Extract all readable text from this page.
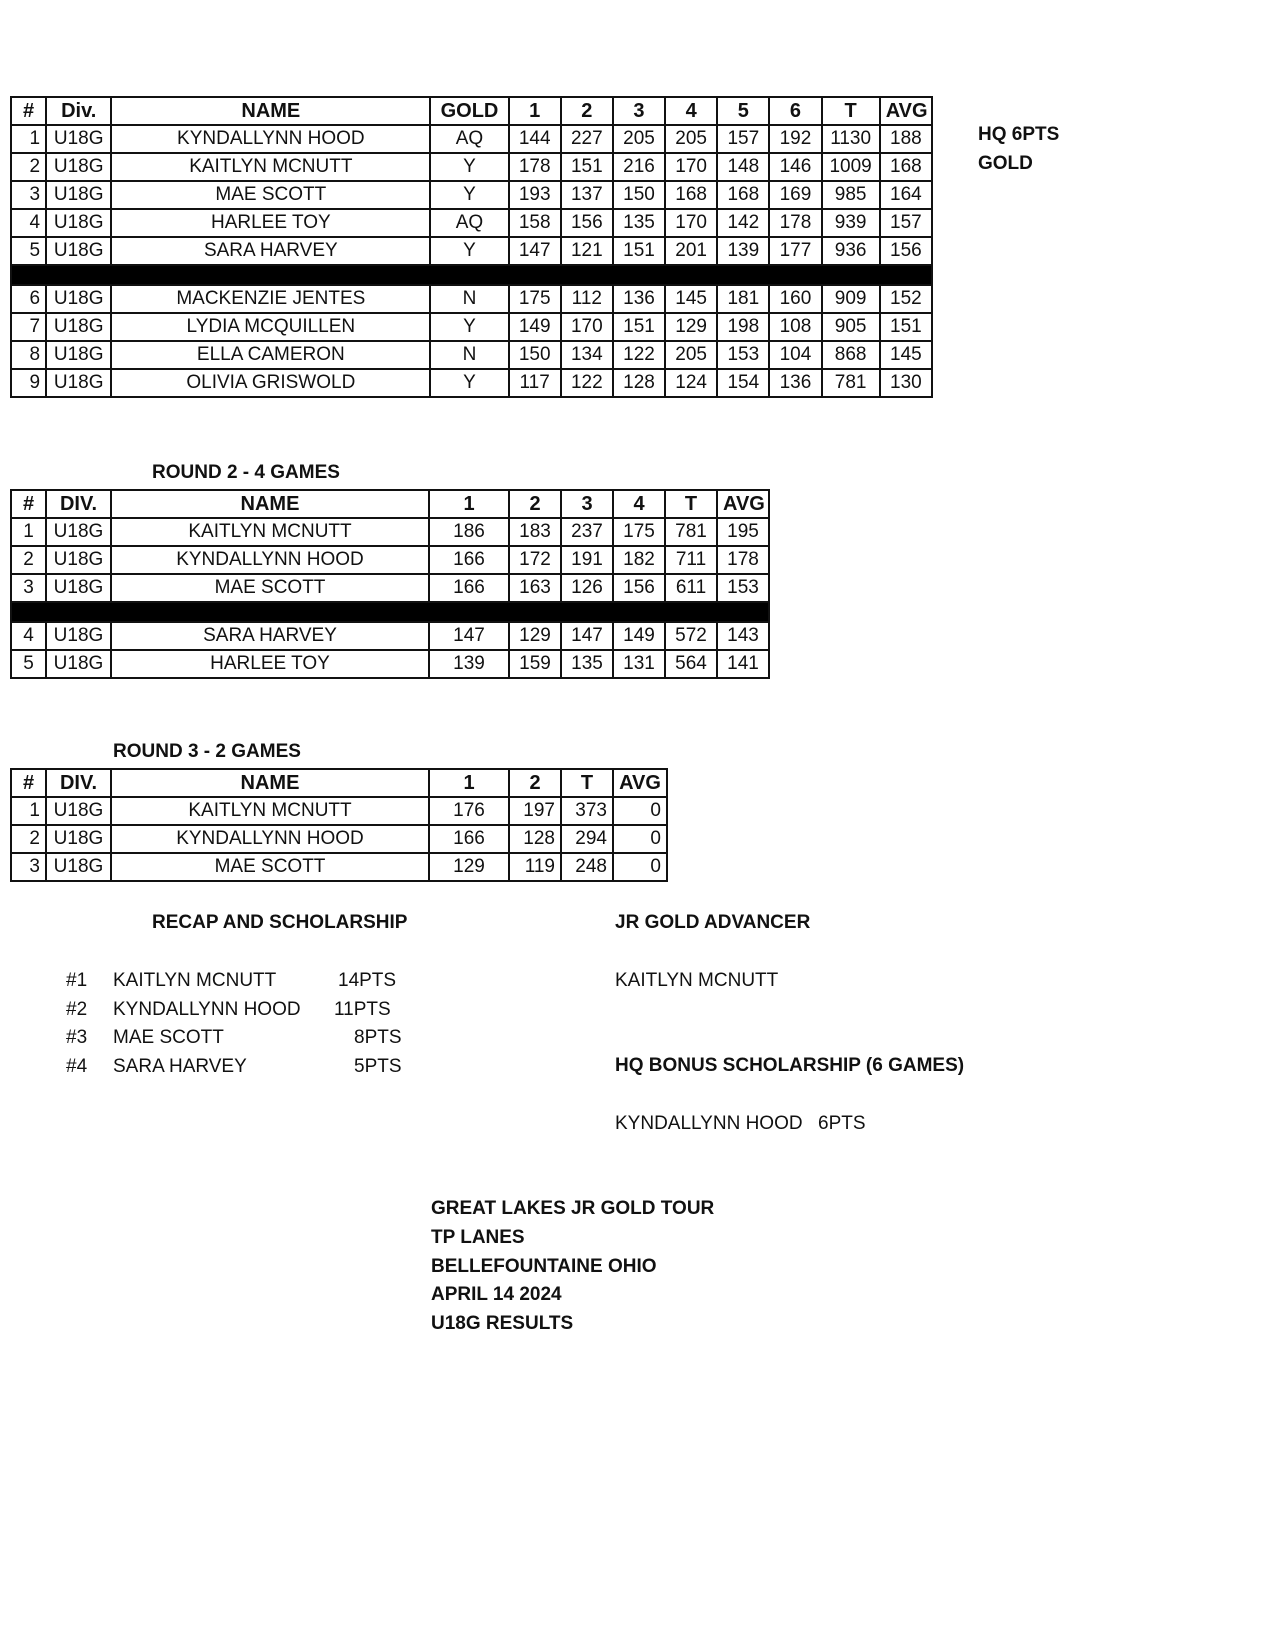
#	Div.	NAME	GOLD	1	2	3	4	5	6	T	AVG
1	U18G	KYNDALLYNN HOOD	AQ	144	227	205	205	157	192	1130	188
2	U18G	KAITLYN MCNUTT	Y	178	151	216	170	148	146	1009	168
3	U18G	MAE SCOTT	Y	193	137	150	168	168	169	985	164
4	U18G	HARLEE TOY	AQ	158	156	135	170	142	178	939	157
5	U18G	SARA HARVEY	Y	147	121	151	201	139	177	936	156

6	U18G	MACKENZIE JENTES	N	175	112	136	145	181	160	909	152
7	U18G	LYDIA MCQUILLEN	Y	149	170	151	129	198	108	905	151
8	U18G	ELLA CAMERON	N	150	134	122	205	153	104	868	145
9	U18G	OLIVIA GRISWOLD	Y	117	122	128	124	154	136	781	130
HQ 6PTS
GOLD
ROUND 2 - 4 GAMES
#	DIV.	NAME	1	2	3	4	T	AVG
1	U18G	KAITLYN MCNUTT	186	183	237	175	781	195
2	U18G	KYNDALLYNN HOOD	166	172	191	182	711	178
3	U18G	MAE SCOTT	166	163	126	156	611	153

4	U18G	SARA HARVEY	147	129	147	149	572	143
5	U18G	HARLEE TOY	139	159	135	131	564	141
ROUND 3 - 2 GAMES
#	DIV.	NAME	1	2	T	AVG
1	U18G	KAITLYN MCNUTT	176	197	373	0
2	U18G	KYNDALLYNN HOOD	166	128	294	0
3	U18G	MAE SCOTT	129	119	248	0
RECAP AND SCHOLARSHIP
#1 KAITLYN MCNUTT	14PTS
#2 KYNDALLYNN HOOD 11PTS
#3 MAE SCOTT	8PTS
#4 SARA HARVEY	5PTS
JR GOLD ADVANCER
KAITLYN MCNUTT
HQ BONUS SCHOLARSHIP (6 GAMES)
KYNDALLYNN HOOD 6PTS
GREAT LAKES JR GOLD TOUR
TP LANES
BELLEFOUNTAINE OHIO
APRIL 14 2024
U18G RESULTS
